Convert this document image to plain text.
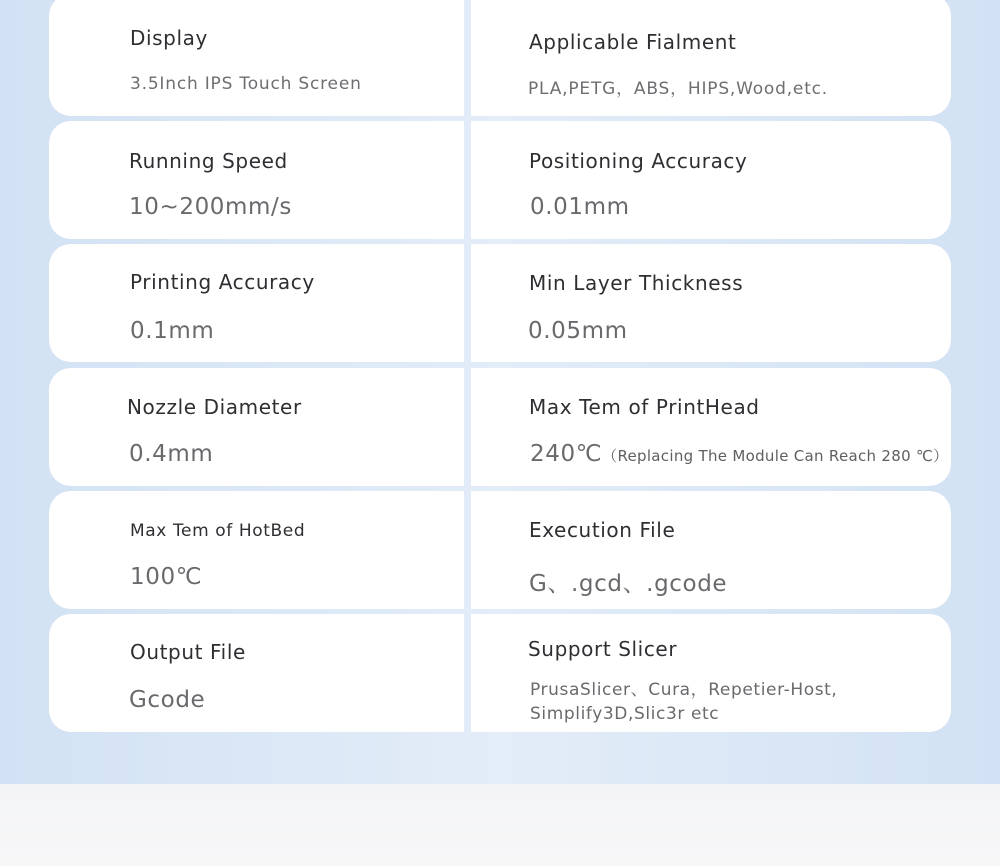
Display
3.5Inch IPS Touch Screen
Applicable Fialment
PLA,PETG，ABS，HIPS,Wood,etc.
Running Speed
10~200mm/s
Positioning Accuracy
0.01mm
Printing Accuracy
0.1mm
Min Layer Thickness
0.05mm
Nozzle Diameter
0.4mm
Max Tem of PrintHead
240℃（Replacing The Module Can Reach 280 ℃）
Max Tem of HotBed
100℃
Execution File
G、.gcd、.gcode
Output File
Gcode
Support Slicer
PrusaSlicer、Cura，Repetier-Host, Simplify3D,Slic3r etc
